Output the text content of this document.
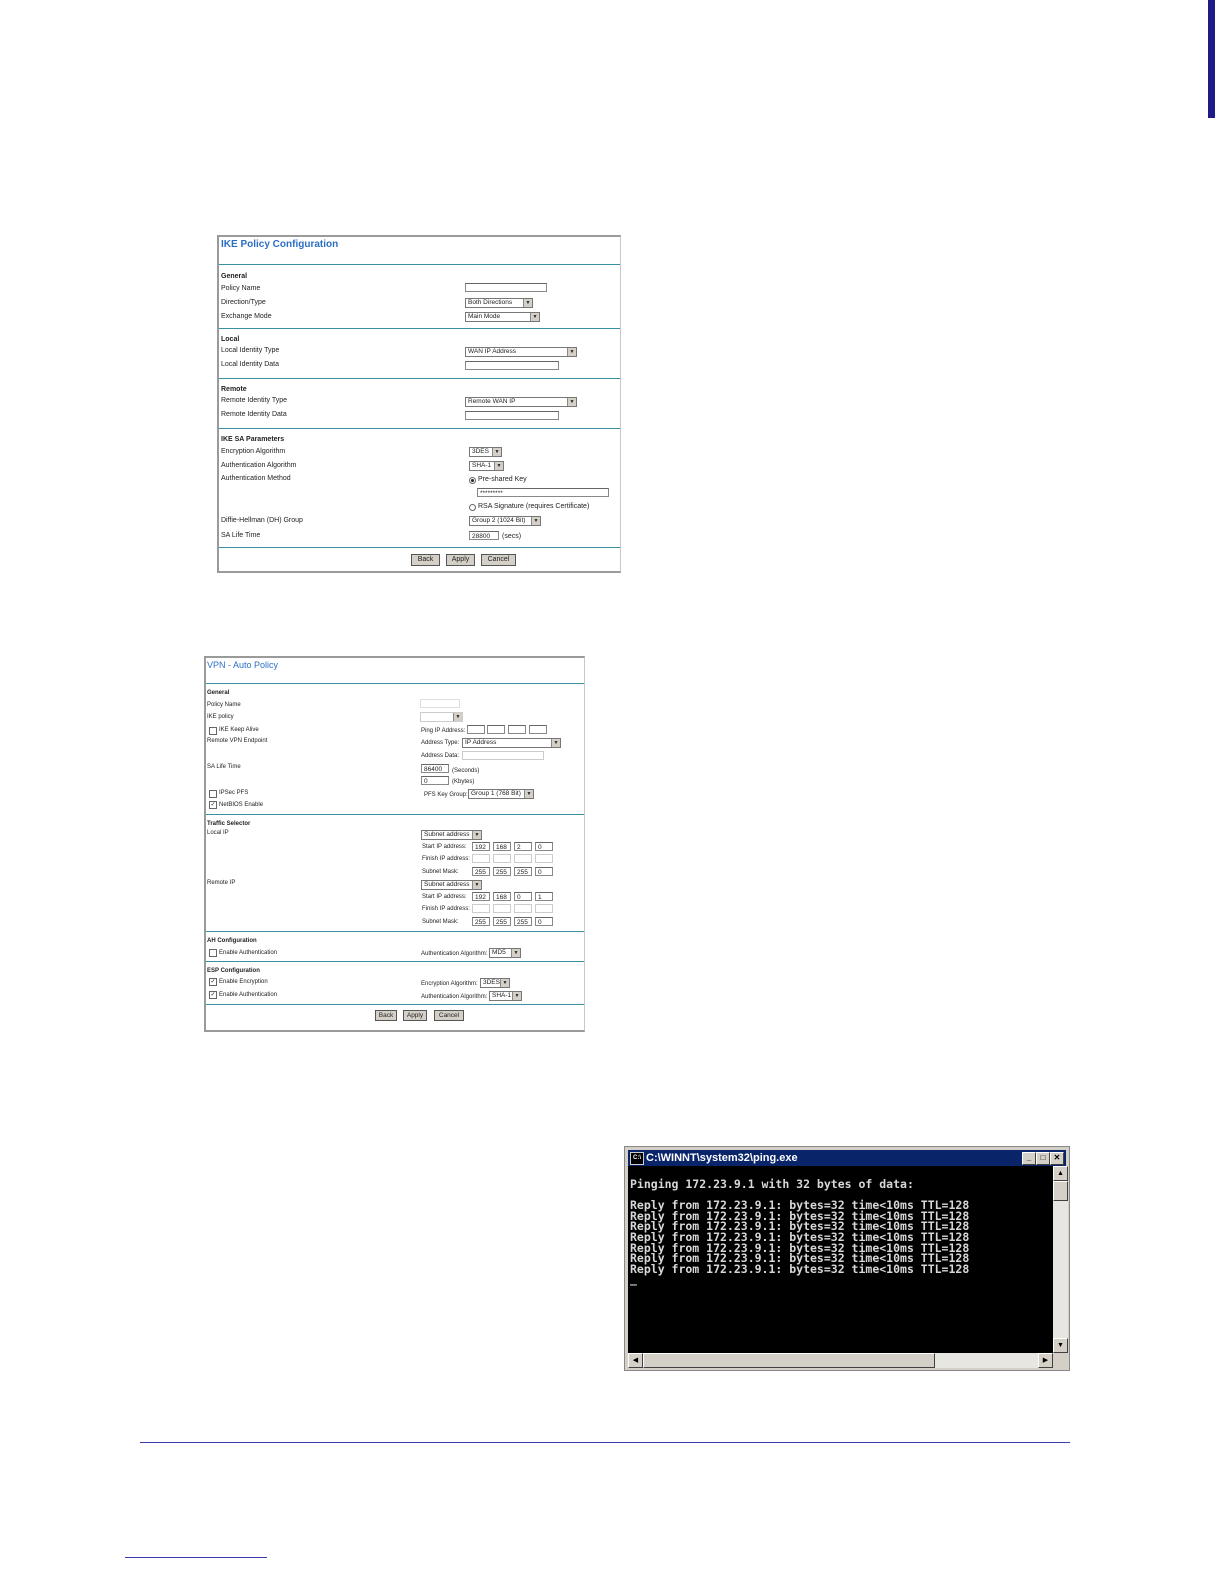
IKE Policy Configuration
General
Policy Name
Direction/Type	Both Directions	▼
Exchange Mode	Main Mode	▼
Local
Local Identity Type	WAN IP Address	▼
Local Identity Data
Remote
Remote Identity Type	Remote WAN IP	▼
Remote Identity Data
IKE SA Parameters
Encryption Algorithm	3DES	▼
Authentication Algorithm	SHA-1	▼
Authentication Method	Pre-shared Key
*********
RSA Signature (requires Certificate)
Diffie-Hellman (DH) Group	Group 2 (1024 Bit)	▼
SA Life Time	28800	(secs)
Back	Apply	Cancel
VPN - Auto Policy
General
Policy Name
IKE policy	▼
IKE Keep Alive	Ping IP Address:
Remote VPN Endpoint	Address Type: IP Address	▼
Address Data:
SA Life Time	86400	(Seconds)
0	(Kbytes)
IPSec PFS	PFS Key Group: Group 1 (768 Bit)	▼
✓ NetBIOS Enable
Traffic Selector
Local IP	Subnet address ▼
Start IP address:	192	168	2	0
Finish IP address:
Subnet Mask:	255	255	255	0
Remote IP	Subnet address ▼
Start IP address:	192	168	0	1
Finish IP address:
Subnet Mask:	255	255	255	0
AH Configuration
Enable Authentication	Authentication Algorithm: MD5	▼
ESP Configuration
✓ Enable Encryption	Encryption Algorithm: 3DES ▼
✓ Enable Authentication	Authentication Algorithm: SHA-1 ▼
Back	Apply	Cancel
C:\ C:\WINNT\system32\ping.exe	_	□	✕
Pinging 172.23.9.1 with 32 bytes of data:

Reply from 172.23.9.1: bytes=32 time<10ms TTL=128
Reply from 172.23.9.1: bytes=32 time<10ms TTL=128
Reply from 172.23.9.1: bytes=32 time<10ms TTL=128
Reply from 172.23.9.1: bytes=32 time<10ms TTL=128
Reply from 172.23.9.1: bytes=32 time<10ms TTL=128
Reply from 172.23.9.1: bytes=32 time<10ms TTL=128
Reply from 172.23.9.1: bytes=32 time<10ms TTL=128
_
▲
▼
◀	▶
